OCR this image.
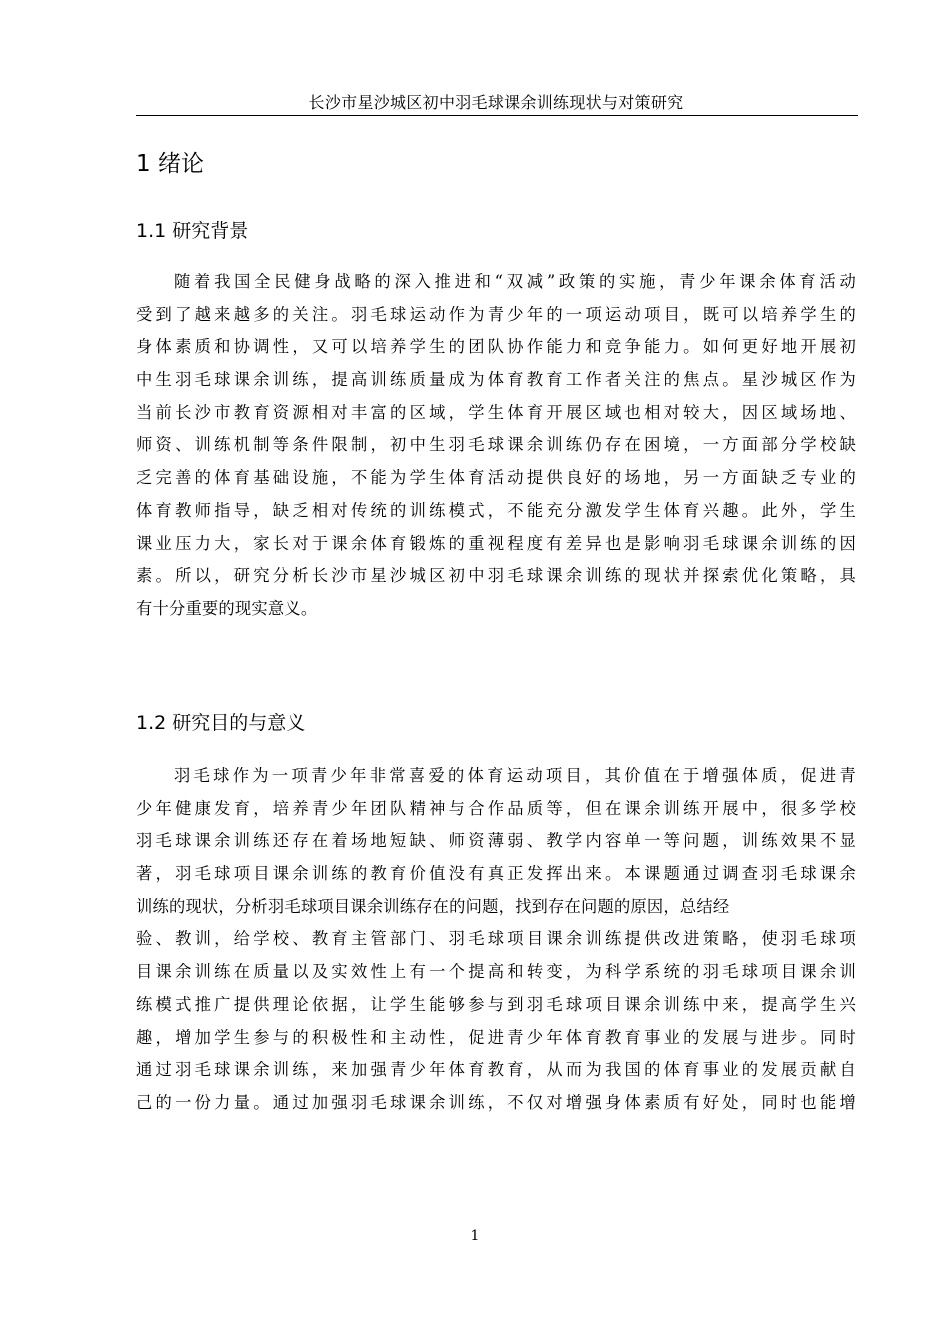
长沙市星沙城区初中羽毛球课余训练现状与对策研究
1 绪论
1.1 研究背景
随着我国全民健身战略的深入推进和“双减”政策的实施，青少年课余体育活动
受到了越来越多的关注。羽毛球运动作为青少年的一项运动项目，既可以培养学生的
身体素质和协调性，又可以培养学生的团队协作能力和竞争能力。如何更好地开展初
中生羽毛球课余训练，提高训练质量成为体育教育工作者关注的焦点。星沙城区作为
当前长沙市教育资源相对丰富的区域，学生体育开展区域也相对较大，因区域场地、
师资、训练机制等条件限制，初中生羽毛球课余训练仍存在困境，一方面部分学校缺
乏完善的体育基础设施，不能为学生体育活动提供良好的场地，另一方面缺乏专业的
体育教师指导，缺乏相对传统的训练模式，不能充分激发学生体育兴趣。此外，学生
课业压力大，家长对于课余体育锻炼的重视程度有差异也是影响羽毛球课余训练的因
素。所以，研究分析长沙市星沙城区初中羽毛球课余训练的现状并探索优化策略，具
有十分重要的现实意义。
1.2 研究目的与意义
羽毛球作为一项青少年非常喜爱的体育运动项目，其价值在于增强体质，促进青
少年健康发育，培养青少年团队精神与合作品质等，但在课余训练开展中，很多学校
羽毛球课余训练还存在着场地短缺、师资薄弱、教学内容单一等问题，训练效果不显
著，羽毛球项目课余训练的教育价值没有真正发挥出来。本课题通过调查羽毛球课余
训练的现状，分析羽毛球项目课余训练存在的问题，找到存在问题的原因，总结经
验、教训，给学校、教育主管部门、羽毛球项目课余训练提供改进策略，使羽毛球项
目课余训练在质量以及实效性上有一个提高和转变，为科学系统的羽毛球项目课余训
练模式推广提供理论依据，让学生能够参与到羽毛球项目课余训练中来，提高学生兴
趣，增加学生参与的积极性和主动性，促进青少年体育教育事业的发展与进步。同时
通过羽毛球课余训练，来加强青少年体育教育，从而为我国的体育事业的发展贡献自
己的一份力量。通过加强羽毛球课余训练，不仅对增强身体素质有好处，同时也能增
1
